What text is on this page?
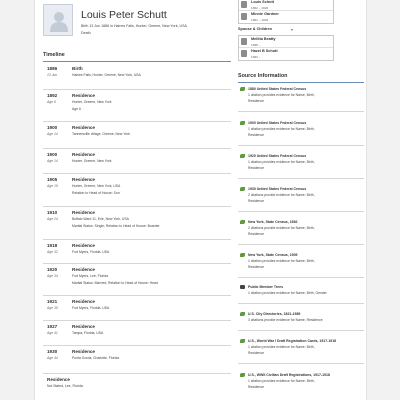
Louis Peter Schutt
Birth 13 Jun 1886 in Haines Falls, Hunter, Greene, New York, USA
Death
Timeline
1886
13 Jun
Birth
Haines Falls, Hunter, Greene, New York, USA
1892
Age 6
Residence
Hunter, Greene, New York
Age 6
1900
Age 14
Residence
Tannersville village, Greene, New York
1900
Age 14
Residence
Hunter, Greene, New York
1905
Age 19
Residence
Hunter, Greene, New York, USA
Relation to Head of House: Son
1910
Age 24
Residence
Buffalo Ward 11, Erie, New York, USA
Marital Status: Single; Relation to Head of House: Boarder
1918
Age 32
Residence
Fort Myers, Florida, USA
1920
Age 34
Residence
Fort Myers, Lee, Florida
Marital Status: Married; Relation to Head of House: Head
1921
Age 35
Residence
Fort Myers, Florida, USA
1927
Age 41
Residence
Tampa, Florida, USA
1930
Age 44
Residence
Punta Gorda, Charlotte, Florida
Residence
Not Stated, Lee, Florida
Louis Schutt
1862 – 1920
Minnie Gardner
1861 – 1946
Spouse & Children	▾
Mellita Beatty
1898 –
Hazel B Schutt
1893 –
Source Information
1880 United States Federal Census
1 citation provides evidence for Name, Birth,
Residence
1900 United States Federal Census
1 citation provides evidence for Name, Birth,
Residence
1920 United States Federal Census
1 citation provides evidence for Name, Birth,
Residence
1930 United States Federal Census
2 citations provide evidence for Name, Birth,
Residence
New York, State Census, 1892
2 citations provide evidence for Name, Birth,
Residence
New York, State Census, 1905
1 citation provides evidence for Name, Birth,
Residence
Public Member Trees
1 citation provides evidence for Name, Birth, Gender
U.S. City Directories, 1821-1989
3 citations provide evidence for Name, Residence
U.S., World War I Draft Registration Cards, 1917-1918
1 citation provides evidence for Name, Birth,
Residence
U.S., WWII Civilian Draft Registrations, 1917-1918
1 citation provides evidence for Name, Birth,
Residence
